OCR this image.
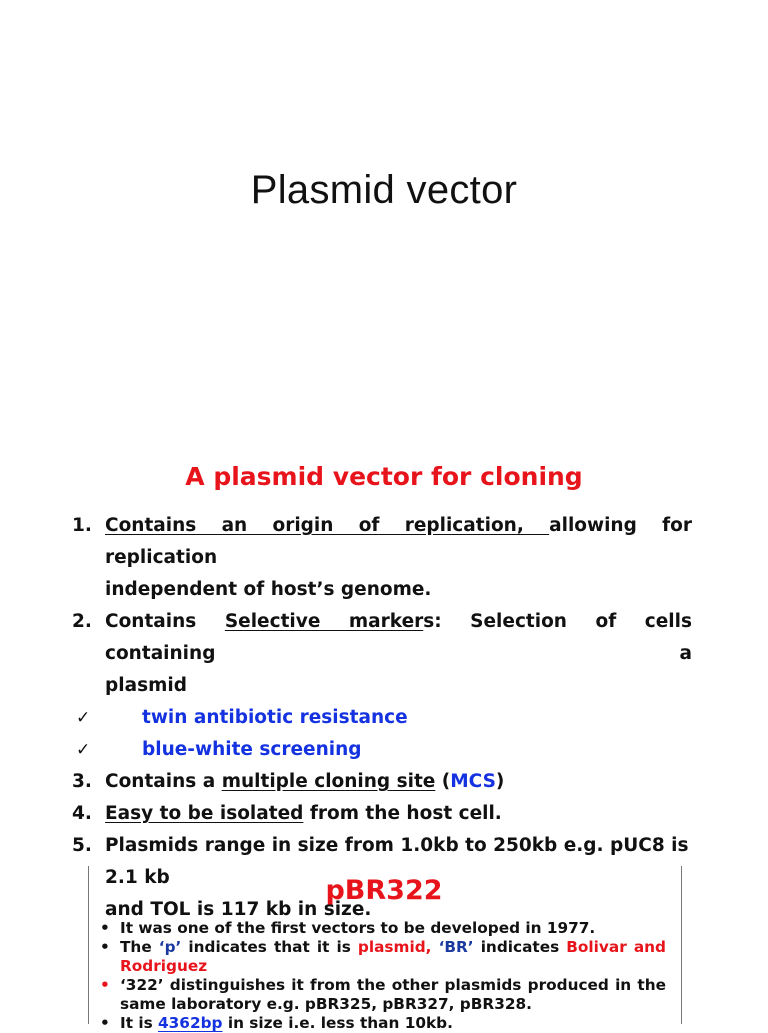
Plasmid vector
A plasmid vector for cloning
1. Contains an origin of replication, allowing for replication
independent of host’s genome.
2. Contains Selective markers: Selection of cells containing a
plasmid
✓	twin antibiotic resistance
✓	blue-white screening
3. Contains a multiple cloning site (MCS)
4. Easy to be isolated from the host cell.
5. Plasmids range in size from 1.0kb to 250kb e.g. pUC8 is 2.1 kb
and TOL is 117 kb in size.
pBR322
• It was one of the first vectors to be developed in 1977.
• The ‘p’ indicates that it is plasmid, ‘BR’ indicates Bolivar and
Rodriguez
• ‘322’ distinguishes it from the other plasmids produced in the
same laboratory e.g. pBR325, pBR327, pBR328.
• It is 4362bp in size i.e. less than 10kb.
